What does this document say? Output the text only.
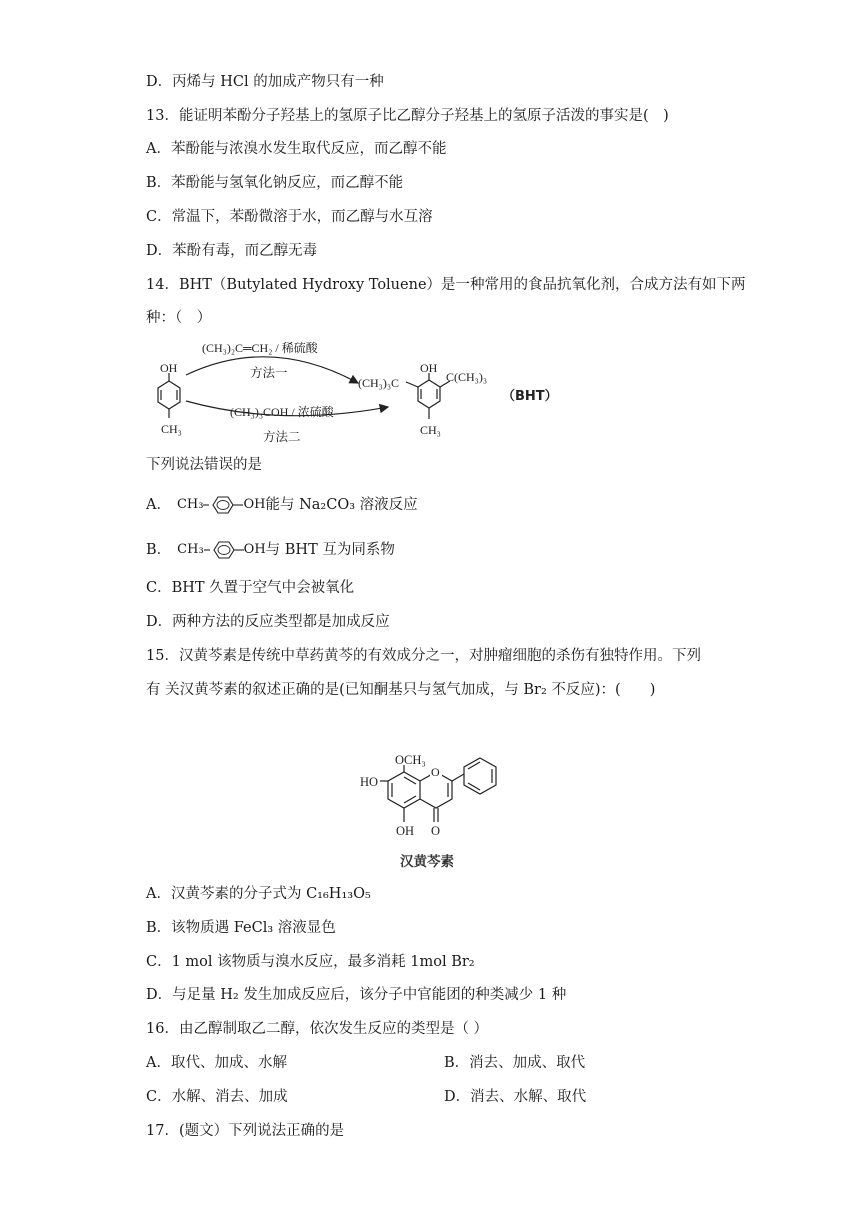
D．丙烯与 HCl 的加成产物只有一种
13．能证明苯酚分子羟基上的氢原子比乙醇分子羟基上的氢原子活泼的事实是(　)
A．苯酚能与浓溴水发生取代反应，而乙醇不能
B．苯酚能与氢氧化钠反应，而乙醇不能
C．常温下，苯酚微溶于水，而乙醇与水互溶
D．苯酚有毒，而乙醇无毒
14．BHT（Butylated Hydroxy Toluene）是一种常用的食品抗氧化剂，合成方法有如下两
种：（　）
OH
CH₃
(CH₃)₂C═CH₂ / 稀硫酸
方法一
(CH₃)₃COH / 浓硫酸
方法二
OH
(CH₃)₃C	C(CH₃)₃
CH₃
（BHT）
下列说法错误的是
A． CH₃	OH 能与 Na₂CO₃ 溶液反应
B． CH₃	OH 与 BHT 互为同系物
C．BHT 久置于空气中会被氧化
D．两种方法的反应类型都是加成反应
15．汉黄芩素是传统中草药黄芩的有效成分之一，对肿瘤细胞的杀伤有独特作用。下列
有 关汉黄芩素的叙述正确的是(已知酮基只与氢气加成，与 Br₂ 不反应)：(　　)
O
OCH₃
HO
OH O
汉黄芩素
A．汉黄芩素的分子式为 C₁₆H₁₃O₅
B．该物质遇 FeCl₃ 溶液显色
C．1 mol 该物质与溴水反应，最多消耗 1mol Br₂
D．与足量 H₂ 发生加成反应后，该分子中官能团的种类减少 1 种
16．由乙醇制取乙二醇，依次发生反应的类型是（ ）
A．取代、加成、水解	B．消去、加成、取代
C．水解、消去、加成	D．消去、水解、取代
17．(题文）下列说法正确的是
